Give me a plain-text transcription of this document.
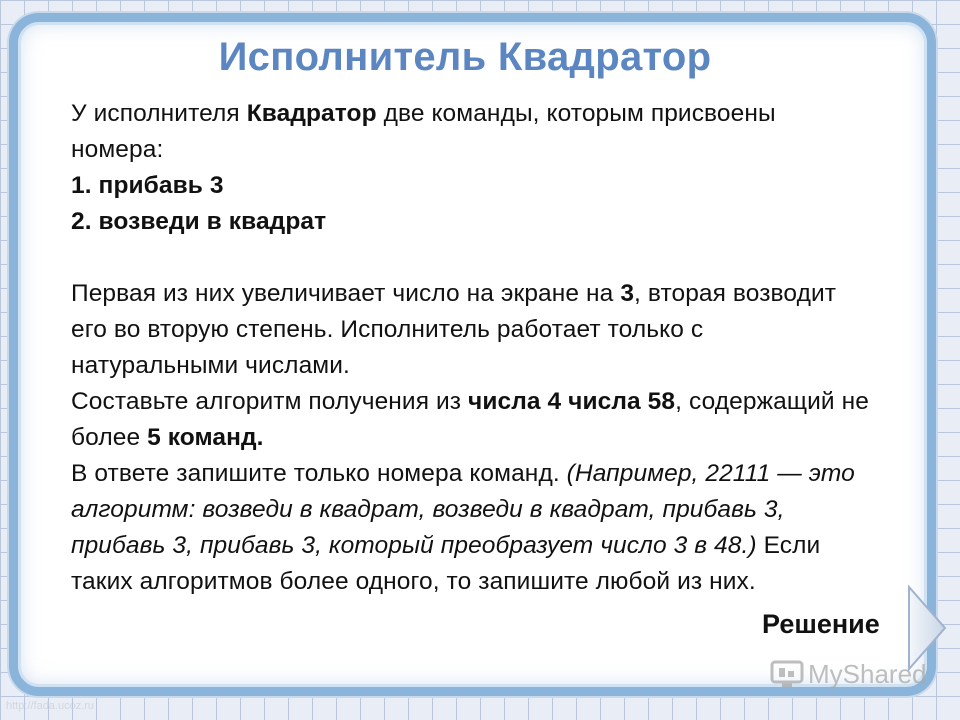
Исполнитель Квадратор

У исполнителя Квадратор две команды, которым присвоены номера:

1. прибавь 3

2. возведи в квадрат

Первая из них увеличивает число на экране на 3, вторая возводит его во вторую степень. Исполнитель работает только с натуральными числами.

Составьте алгоритм получения из числа 4 числа 58, содержащий не более 5 команд.

В ответе запишите только номера команд. (Например, 22111 — это алгоритм: возведи в квадрат, возведи в квадрат, прибавь 3, прибавь 3, прибавь 3, который преобразует число 3 в 48.) Если таких алгоритмов более одного, то запишите любой из них.

Решение
MyShared
http://fada.ucoz.ru
